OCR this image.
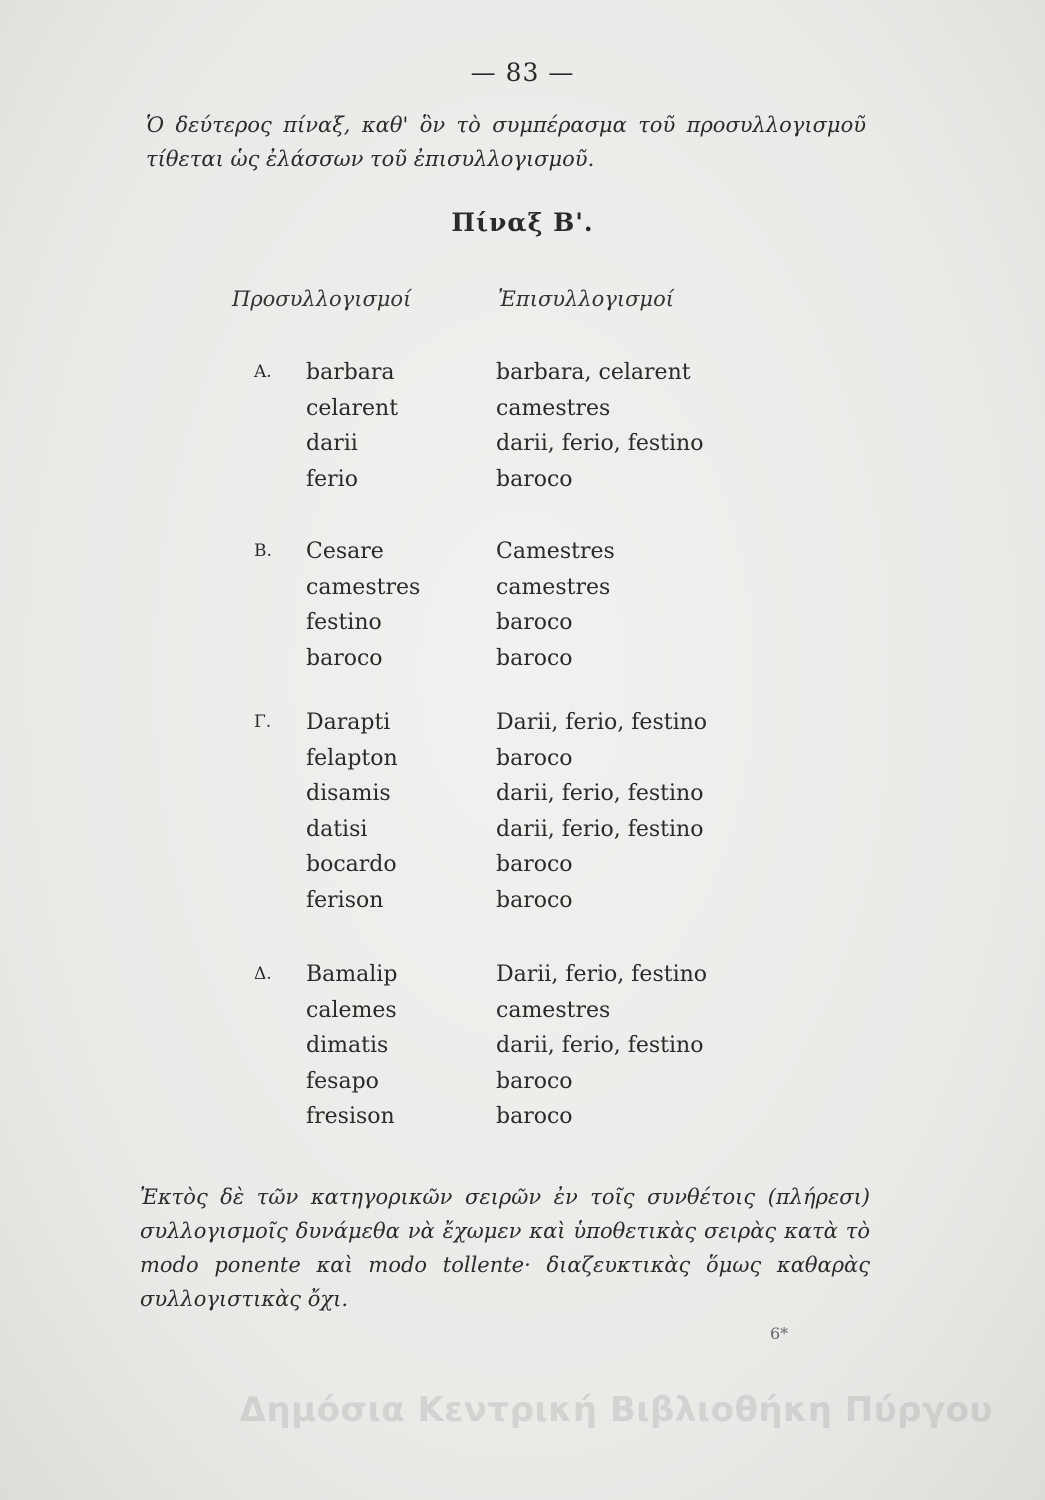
— 83 —
Ὁ δεύτερος πίναξ, καθ' ὃν τὸ συμπέρασμα τοῦ προσυλλογισμοῦ τίθεται ὡς ἐλάσσων τοῦ ἐπισυλλογισμοῦ.
Πίναξ Β'.
Προσυλλογισμοί	Ἐπισυλλογισμοί
Α. barbara	barbara, celarent
celarent	camestres
darii	darii, ferio, festino
ferio	baroco
Β. Cesare	Camestres
camestres	camestres
festino	baroco
baroco	baroco
Γ. Darapti	Darii, ferio, festino
felapton	baroco
disamis	darii, ferio, festino
datisi	darii, ferio, festino
bocardo	baroco
ferison	baroco
Δ. Bamalip	Darii, ferio, festino
calemes	camestres
dimatis	darii, ferio, festino
fesapo	baroco
fresison	baroco
Ἐκτὸς δὲ τῶν κατηγορικῶν σειρῶν ἐν τοῖς συνθέτοις (πλήρεσι) συλλογισμοῖς δυνάμεθα νὰ ἔχωμεν καὶ ὑποθετικὰς σειρὰς κατὰ τὸ modo ponente καὶ modo tollente· διαζευκτικὰς ὅμως καθαρὰς συλλογιστικὰς ὄχι.
6*
Δημόσια Κεντρική Βιβλιοθήκη Πύργου
